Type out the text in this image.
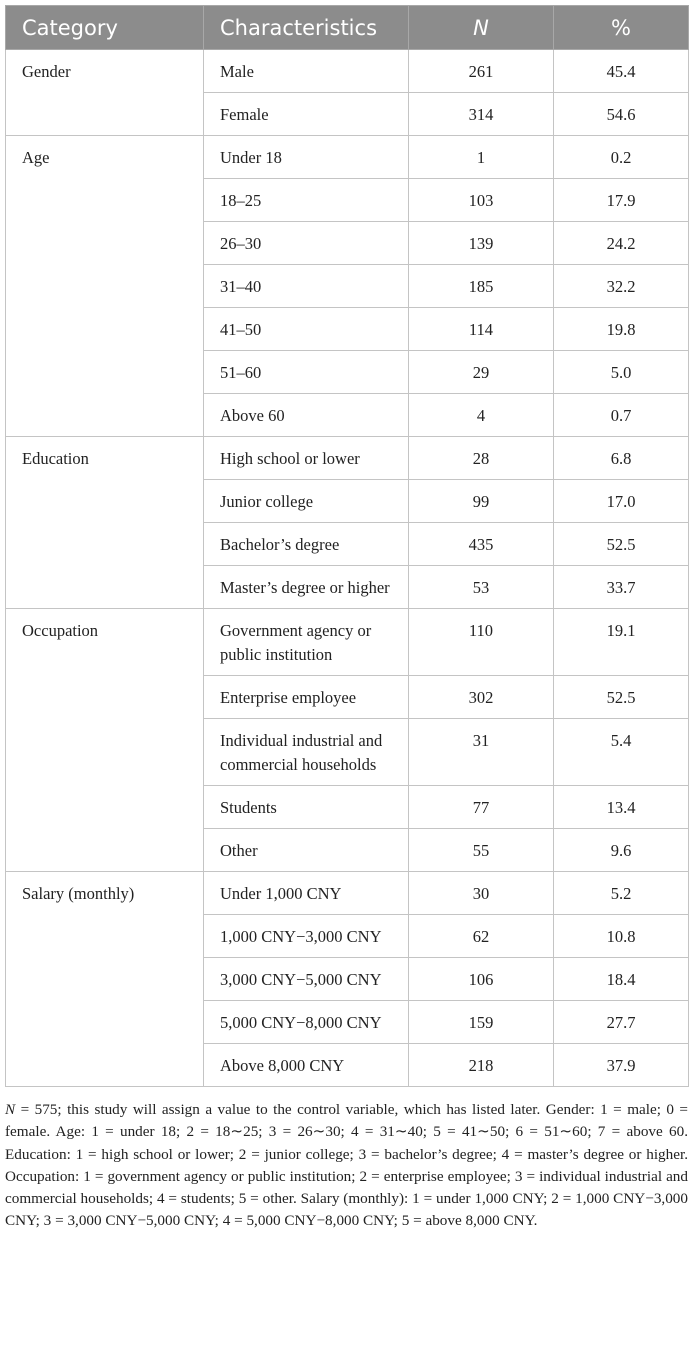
Category	Characteristics	N	%
Gender	Male	261	45.4
	Female	314	54.6
Age	Under 18	1	0.2
	18–25	103	17.9
	26–30	139	24.2
	31–40	185	32.2
	41–50	114	19.8
	51–60	29	5.0
	Above 60	4	0.7
Education	High school or lower	28	6.8
	Junior college	99	17.0
	Bachelor’s degree	435	52.5
	Master’s degree or higher	53	33.7
Occupation	Government agency or public institution	110	19.1
	Enterprise employee	302	52.5
	Individual industrial and commercial households	31	5.4
	Students	77	13.4
	Other	55	9.6
Salary (monthly)	Under 1,000 CNY	30	5.2
	1,000 CNY−3,000 CNY	62	10.8
	3,000 CNY−5,000 CNY	106	18.4
	5,000 CNY−8,000 CNY	159	27.7
	Above 8,000 CNY	218	37.9
N = 575; this study will assign a value to the control variable, which has listed later. Gender: 1 = male; 0 = female. Age: 1 = under 18; 2 = 18∼25; 3 = 26∼30; 4 = 31∼40; 5 = 41∼50; 6 = 51∼60; 7 = above 60. Education: 1 = high school or lower; 2 = junior college; 3 = bachelor’s degree; 4 = master’s degree or higher. Occupation: 1 = government agency or public institution; 2 = enterprise employee; 3 = individual industrial and commercial households; 4 = students; 5 = other. Salary (monthly): 1 = under 1,000 CNY; 2 = 1,000 CNY−3,000 CNY; 3 = 3,000 CNY−5,000 CNY; 4 = 5,000 CNY−8,000 CNY; 5 = above 8,000 CNY.
